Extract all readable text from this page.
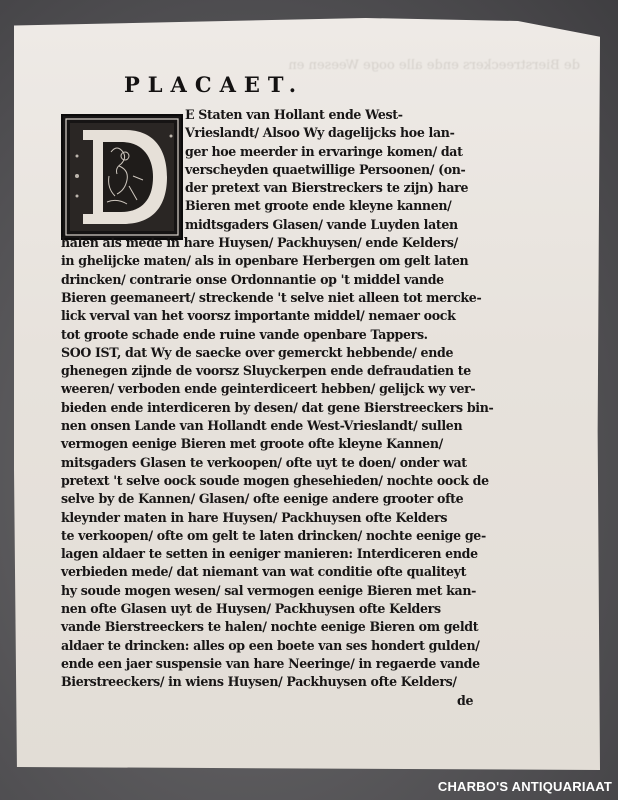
de Bierstreeckers ende alle ooge Weesen en
PLACAET.
E Staten van Hollant ende West-
Vrieslandt/ Alsoo Wy dagelijcks hoe lan-
ger hoe meerder in ervaringe komen/ dat
verscheyden quaetwillige Persoonen/ (on-
der pretext van Bierstreckers te zijn) hare
Bieren met groote ende kleyne kannen/
midtsgaders Glasen/ vande Luyden laten
halen als mede in hare Huysen/ Packhuysen/ ende Kelders/
in ghelijcke maten/ als in openbare Herbergen om gelt laten
drincken/ contrarie onse Ordonnantie op 't middel vande
Bieren geemaneert/ streckende 't selve niet alleen tot mercke-
lick verval van het voorsz importante middel/ nemaer oock
tot groote schade ende ruine vande openbare Tappers.
SOO IST, dat Wy de saecke over gemerckt hebbende/ ende
ghenegen zijnde de voorsz Sluyckerpen ende defraudatien te
weeren/ verboden ende geinterdiceert hebben/ gelijck wy ver-
bieden ende interdiceren by desen/ dat gene Bierstreeckers bin-
nen onsen Lande van Hollandt ende West-Vrieslandt/ sullen
vermogen eenige Bieren met groote ofte kleyne Kannen/
mitsgaders Glasen te verkoopen/ ofte uyt te doen/ onder wat
pretext 't selve oock soude mogen ghesehieden/ nochte oock de
selve by de Kannen/ Glasen/ ofte eenige andere grooter ofte
kleynder maten in hare Huysen/ Packhuysen ofte Kelders
te verkoopen/ ofte om gelt te laten drincken/ nochte eenige ge-
lagen aldaer te setten in eeniger manieren: Interdiceren ende
verbieden mede/ dat niemant van wat conditie ofte qualiteyt
hy soude mogen wesen/ sal vermogen eenige Bieren met kan-
nen ofte Glasen uyt de Huysen/ Packhuysen ofte Kelders
vande Bierstreeckers te halen/ nochte eenige Bieren om geldt
aldaer te drincken: alles op een boete van ses hondert gulden/
ende een jaer suspensie van hare Neeringe/ in regaerde vande
Bierstreeckers/ in wiens Huysen/ Packhuysen ofte Kelders/
de
CHARBO'S ANTIQUARIAAT
